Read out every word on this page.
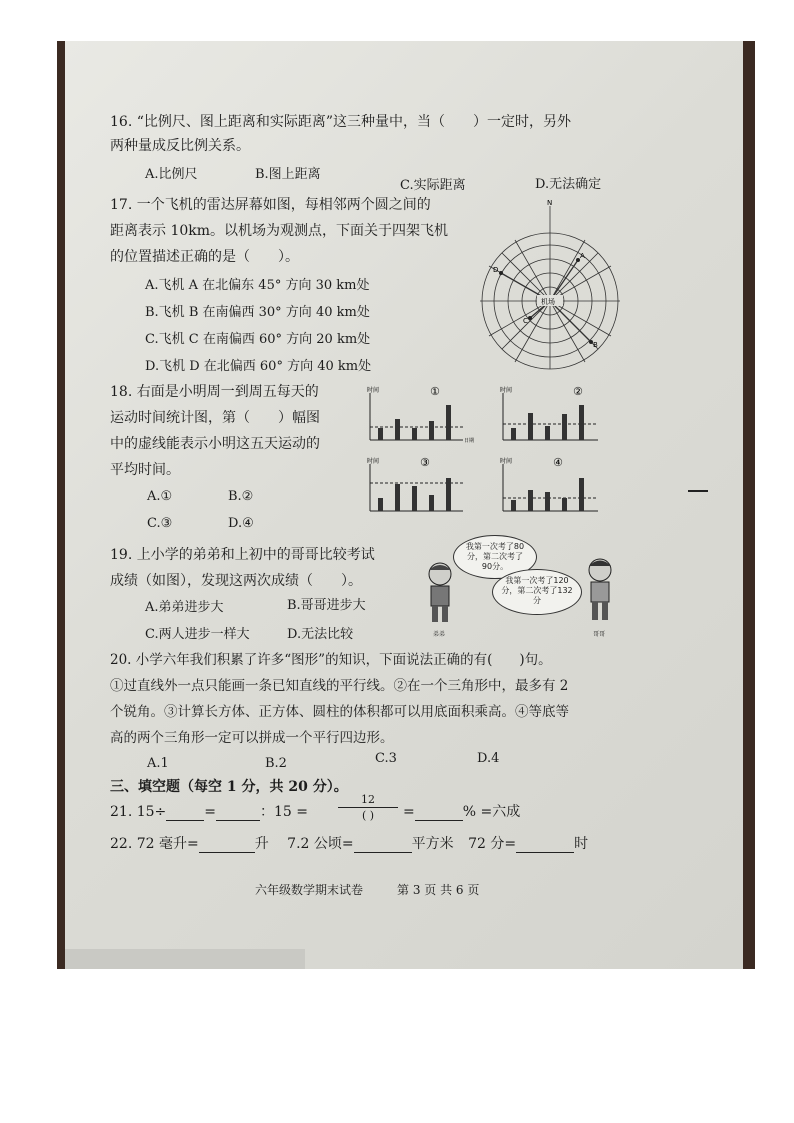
16. “比例尺、图上距离和实际距离”这三种量中，当（　　）一定时，另外
两种量成反比例关系。
A.比例尺	B.图上距离
C.实际距离	D.无法确定
17. 一个飞机的雷达屏幕如图，每相邻两个圆之间的
距离表示 10km。以机场为观测点，下面关于四架飞机
的位置描述正确的是（　　）。
A.飞机 A 在北偏东 45° 方向 30 km处
B.飞机 B 在南偏西 30° 方向 40 km处
C.飞机 C 在南偏西 60° 方向 20 km处
D.飞机 D 在北偏西 60° 方向 40 km处
N
机场
A
B
C
D
18. 右面是小明周一到周五每天的
运动时间统计图，第（　　）幅图
中的虚线能表示小明这五天运动的
平均时间。
A.①	B.②
C.③	D.④
时间	①
日期
时间	②
时间	③	时间	④
19. 上小学的弟弟和上初中的哥哥比较考试
成绩（如图），发现这两次成绩（　　）。
A.弟弟进步大	B.哥哥进步大
C.两人进步一样大	D.无法比较
我第一次考了80分，第二次考了90分。
我第一次考了120分，第二次考了132分
弟弟	哥哥
20. 小学六年我们积累了许多“图形”的知识，下面说法正确的有(　　)句。
①过直线外一点只能画一条已知直线的平行线。②在一个三角形中，最多有 2
个锐角。③计算长方体、正方体、圆柱的体积都可以用底面积乘高。④等底等
高的两个三角形一定可以拼成一个平行四边形。
A.1	B.2	C.3	D.4
三、填空题（每空 1 分，共 20 分）。
21. 15÷	=	：15 =
12
( )	=	% =六成
22. 72 毫升=	升 7.2 公顷=	平方米 72 分=	时
六年级数学期末试卷	第 3 页 共 6 页
